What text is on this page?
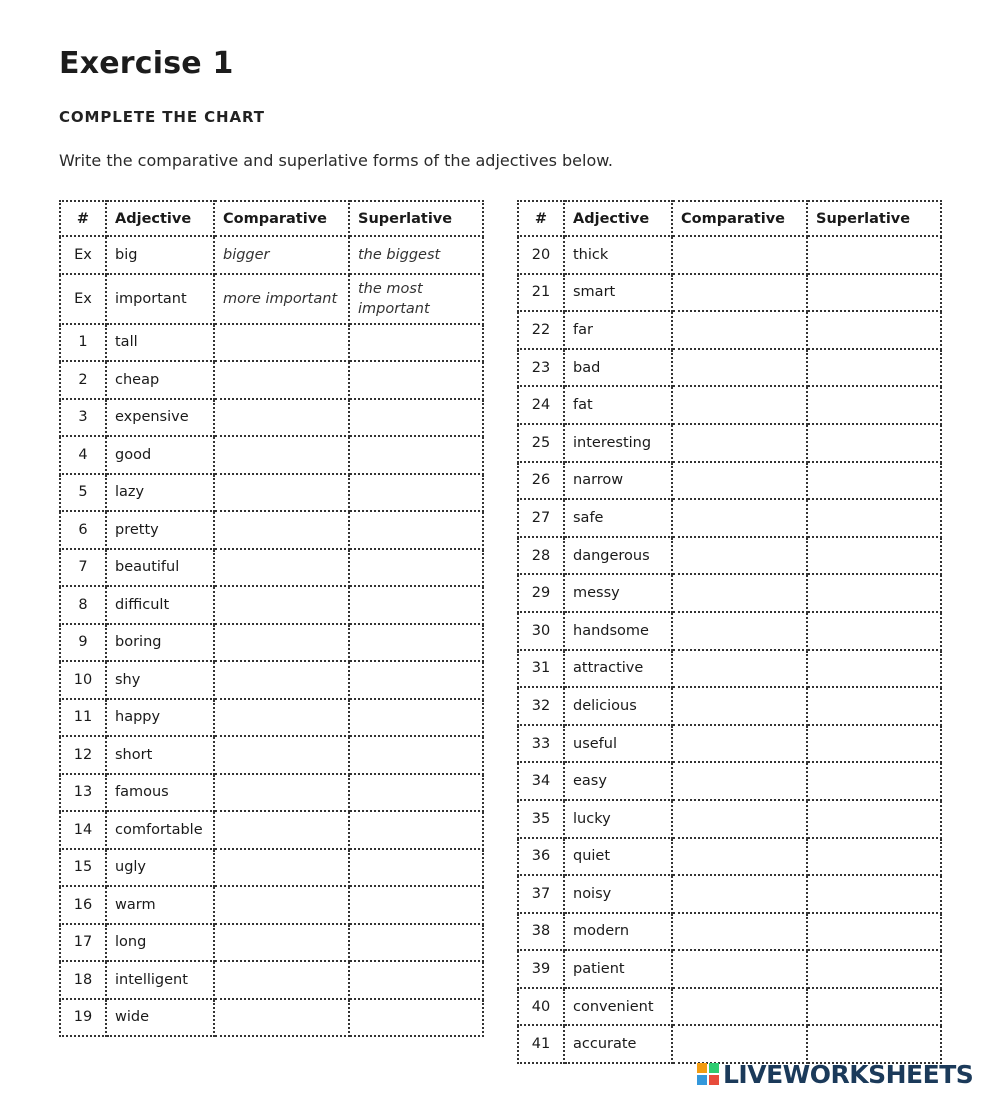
Exercise 1
COMPLETE THE CHART

Write the comparative and superlative forms of the adjectives below.

#	Adjective	Comparative	Superlative
Ex	big	bigger	the biggest
Ex	important	more important	the most important
1	tall		
2	cheap		
3	expensive		
4	good		
5	lazy		
6	pretty		
7	beautiful		
8	difficult		
9	boring		
10	shy		
11	happy		
12	short		
13	famous		
14	comfortable		
15	ugly		
16	warm		
17	long		
18	intelligent		
19	wide		
#	Adjective	Comparative	Superlative
20	thick		
21	smart		
22	far		
23	bad		
24	fat		
25	interesting		
26	narrow		
27	safe		
28	dangerous		
29	messy		
30	handsome		
31	attractive		
32	delicious		
33	useful		
34	easy		
35	lucky		
36	quiet		
37	noisy		
38	modern		
39	patient		
40	convenient		
41	accurate		
LIVEWORKSHEETS
